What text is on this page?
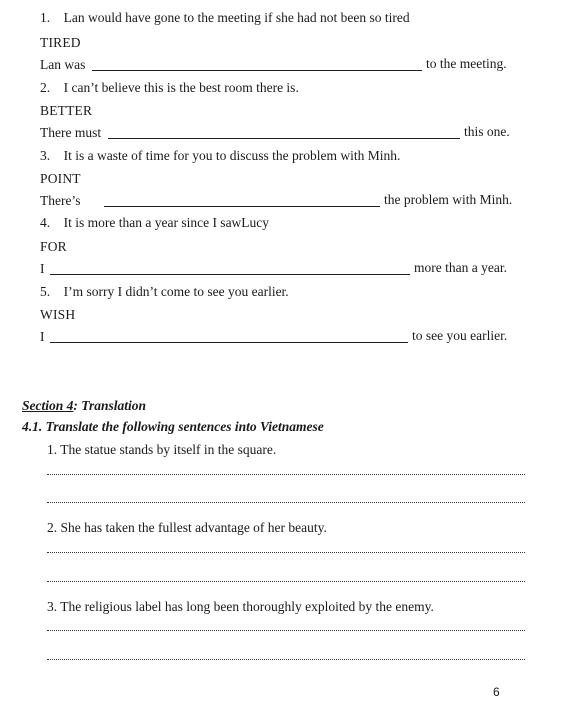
1. Lan would have gone to the meeting if she had not been so tired
TIRED
Lan was	to the meeting.
2. I can’t believe this is the best room there is.
BETTER
There must	this one.
3. It is a waste of time for you to discuss the problem with Minh.
POINT
There’s	the problem with Minh.
4. It is more than a year since I sawLucy
FOR
I	more than a year.
5. I’m sorry I didn’t come to see you earlier.
WISH
I	to see you earlier.
Section 4: Translation
4.1. Translate the following sentences into Vietnamese
1. The statue stands by itself in the square.
2. She has taken the fullest advantage of her beauty.
3. The religious label has long been thoroughly exploited by the enemy.
6
